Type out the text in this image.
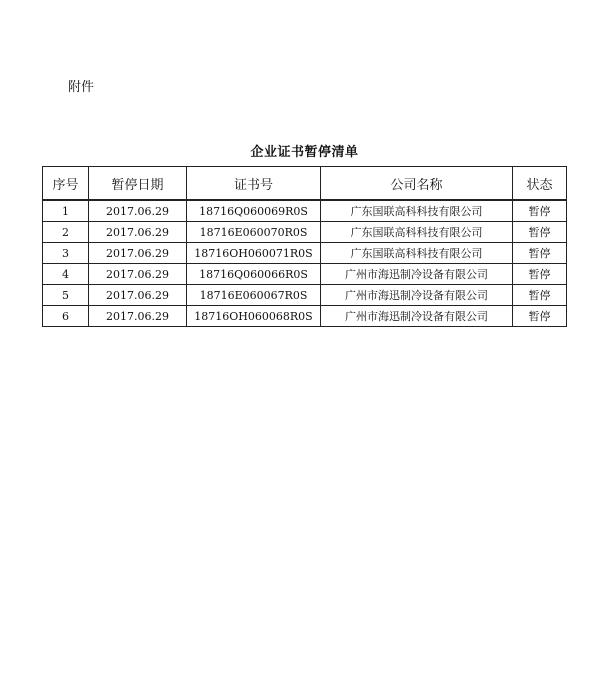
附件
企业证书暂停清单
序号	暂停日期	证书号	公司名称	状态
1	2017.06.29	18716Q060069R0S	广东国联高科科技有限公司	暂停
2	2017.06.29	18716E060070R0S	广东国联高科科技有限公司	暂停
3	2017.06.29	18716OH060071R0S	广东国联高科科技有限公司	暂停
4	2017.06.29	18716Q060066R0S	广州市海迅制冷设备有限公司	暂停
5	2017.06.29	18716E060067R0S	广州市海迅制冷设备有限公司	暂停
6	2017.06.29	18716OH060068R0S	广州市海迅制冷设备有限公司	暂停
